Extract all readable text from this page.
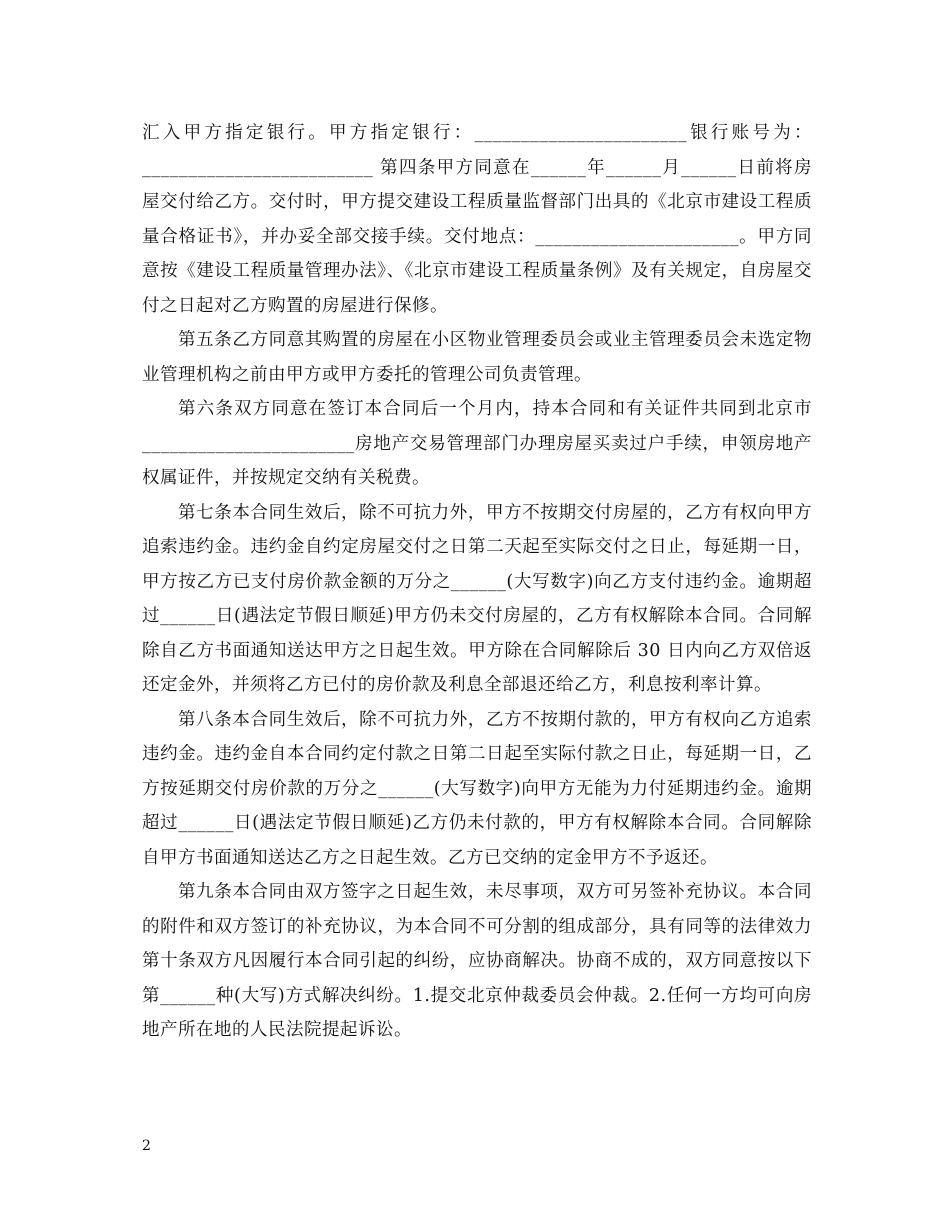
汇入甲方指定银行。甲方指定银行：_______________________银行账号为：_________________________ 第四条甲方同意在______年______月______日前将房屋交付给乙方。交付时，甲方提交建设工程质量监督部门出具的《北京市建设工程质量合格证书》，并办妥全部交接手续。交付地点：______________________。甲方同意按《建设工程质量管理办法》、《北京市建设工程质量条例》及有关规定，自房屋交付之日起对乙方购置的房屋进行保修。

第五条乙方同意其购置的房屋在小区物业管理委员会或业主管理委员会未选定物业管理机构之前由甲方或甲方委托的管理公司负责管理。

第六条双方同意在签订本合同后一个月内，持本合同和有关证件共同到北京市_______________________房地产交易管理部门办理房屋买卖过户手续，申领房地产权属证件，并按规定交纳有关税费。

第七条本合同生效后，除不可抗力外，甲方不按期交付房屋的，乙方有权向甲方追索违约金。违约金自约定房屋交付之日第二天起至实际交付之日止，每延期一日，甲方按乙方已支付房价款金额的万分之______(大写数字)向乙方支付违约金。逾期超过______日(遇法定节假日顺延)甲方仍未交付房屋的，乙方有权解除本合同。合同解除自乙方书面通知送达甲方之日起生效。甲方除在合同解除后 30 日内向乙方双倍返还定金外，并须将乙方已付的房价款及利息全部退还给乙方，利息按利率计算。

第八条本合同生效后，除不可抗力外，乙方不按期付款的，甲方有权向乙方追索违约金。违约金自本合同约定付款之日第二日起至实际付款之日止，每延期一日，乙方按延期交付房价款的万分之______(大写数字)向甲方无能为力付延期违约金。逾期超过______日(遇法定节假日顺延)乙方仍未付款的，甲方有权解除本合同。合同解除自甲方书面通知送达乙方之日起生效。乙方已交纳的定金甲方不予返还。

第九条本合同由双方签字之日起生效，未尽事项，双方可另签补充协议。本合同的附件和双方签订的补充协议，为本合同不可分割的组成部分，具有同等的法律效力第十条双方凡因履行本合同引起的纠纷，应协商解决。协商不成的，双方同意按以下第______种(大写)方式解决纠纷。1.提交北京仲裁委员会仲裁。2.任何一方均可向房地产所在地的人民法院提起诉讼。

2
